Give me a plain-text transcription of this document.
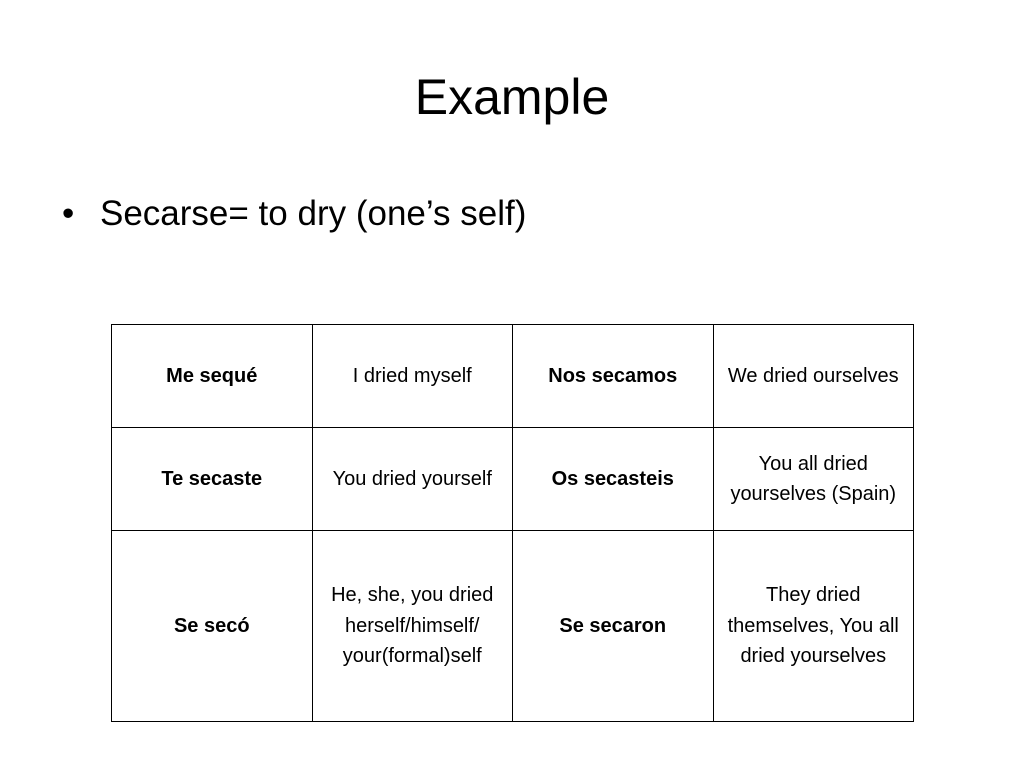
Example
• Secarse= to dry (one’s self)
Me sequé	I dried myself	Nos secamos	We dried ourselves
Te secaste	You dried yourself	Os secasteis	You all dried yourselves (Spain)
Se secó	He, she, you dried herself/himself/ your(formal)self	Se secaron	They dried themselves, You all dried yourselves
